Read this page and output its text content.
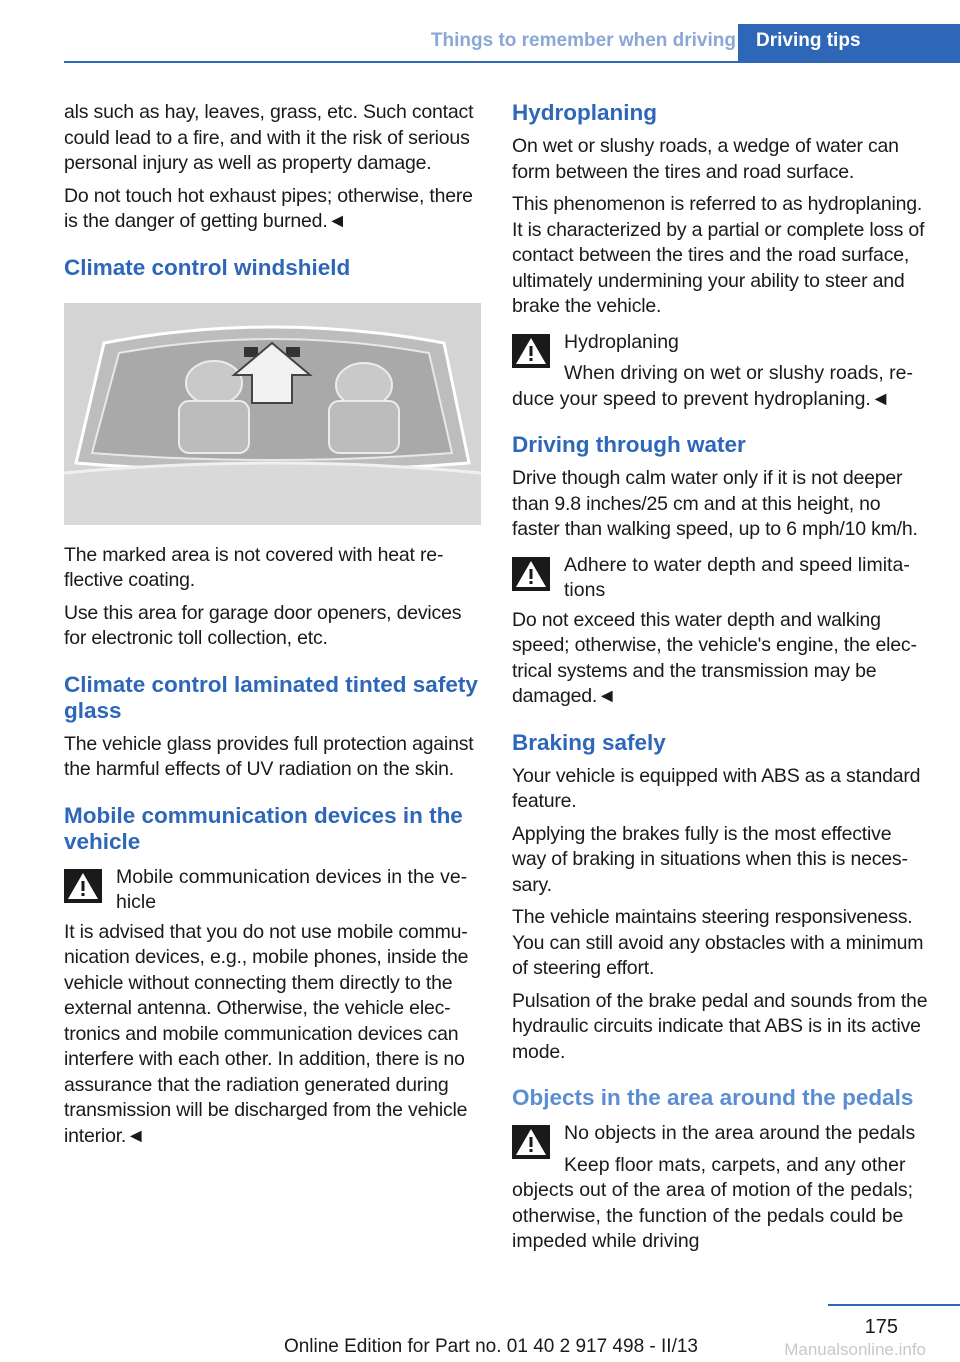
Things to remember when driving	Driving tips

als such as hay, leaves, grass, etc. Such contact could lead to a fire, and with it the risk of serious personal injury as well as property damage.

Do not touch hot exhaust pipes; otherwise, there is the danger of getting burned.◄

Climate control windshield

The marked area is not covered with heat reflective coating.

Use this area for garage door openers, devices for electronic toll collection, etc.

Climate control laminated tinted safety glass

The vehicle glass provides full protection against the harmful effects of UV radiation on the skin.

Mobile communication devices in the vehicle
Mobile communication devices in the vehicle

It is advised that you do not use mobile communication devices, e.g., mobile phones, inside the vehicle without connecting them directly to the external antenna. Otherwise, the vehicle electronics and mobile communication devices can interfere with each other. In addition, there is no assurance that the radiation generated during transmission will be discharged from the vehicle interior.◄

Hydroplaning

On wet or slushy roads, a wedge of water can form between the tires and road surface.

This phenomenon is referred to as hydroplaning. It is characterized by a partial or complete loss of contact between the tires and the road surface, ultimately undermining your ability to steer and brake the vehicle.

Hydroplaning
When driving on wet or slushy roads, reduce your speed to prevent hydroplaning.◄
Driving through water

Drive though calm water only if it is not deeper than 9.8 inches/25 cm and at this height, no faster than walking speed, up to 6 mph/10 km/h.

Adhere to water depth and speed limitations

Do not exceed this water depth and walking speed; otherwise, the vehicle's engine, the electrical systems and the transmission may be damaged.◄

Braking safely

Your vehicle is equipped with ABS as a standard feature.

Applying the brakes fully is the most effective way of braking in situations when this is necessary.

The vehicle maintains steering responsiveness. You can still avoid any obstacles with a minimum of steering effort.

Pulsation of the brake pedal and sounds from the hydraulic circuits indicate that ABS is in its active mode.

Objects in the area around the pedals
No objects in the area around the pedals
Keep floor mats, carpets, and any other objects out of the area of motion of the pedals; otherwise, the function of the pedals could be impeded while driving
175
Online Edition for Part no. 01 40 2 917 498 - II/13	Manualsonline.info
